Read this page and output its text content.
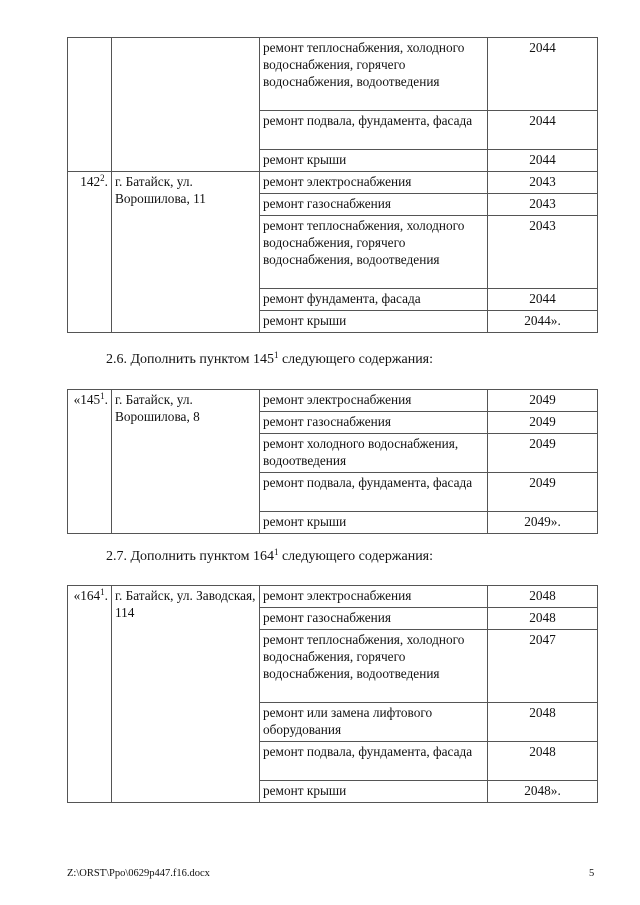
		ремонт теплоснабжения, холодного водоснабжения, горячего водоснабжения, водоотведения	2044
		ремонт подвала, фундамента, фасада	2044
		ремонт крыши	2044
$142^2$.	г. Батайск, ул. Ворошилова, 11	ремонт электроснабжения	2043
		ремонт газоснабжения	2043
		ремонт теплоснабжения, холодного водоснабжения, горячего водоснабжения, водоотведения	2043
		ремонт фундамента, фасада	2044
		ремонт крыши	2044».
2.6. Дополнить пунктом $145^1$ следующего содержания:
«$145^1$.	г. Батайск, ул. Ворошилова, 8	ремонт электроснабжения	2049
		ремонт газоснабжения	2049
		ремонт холодного водоснабжения, водоотведения	2049
		ремонт подвала, фундамента, фасада	2049
		ремонт крыши	2049».
2.7. Дополнить пунктом $164^1$ следующего содержания:
«$164^1$.	г. Батайск, ул. Заводская, 114	ремонт электроснабжения	2048
		ремонт газоснабжения	2048
		ремонт теплоснабжения, холодного водоснабжения, горячего водоснабжения, водоотведения	2047
		ремонт или замена лифтового оборудования	2048
		ремонт подвала, фундамента, фасада	2048
		ремонт крыши	2048».
Z:\ORST\Ppo\0629p447.f16.docx	5
